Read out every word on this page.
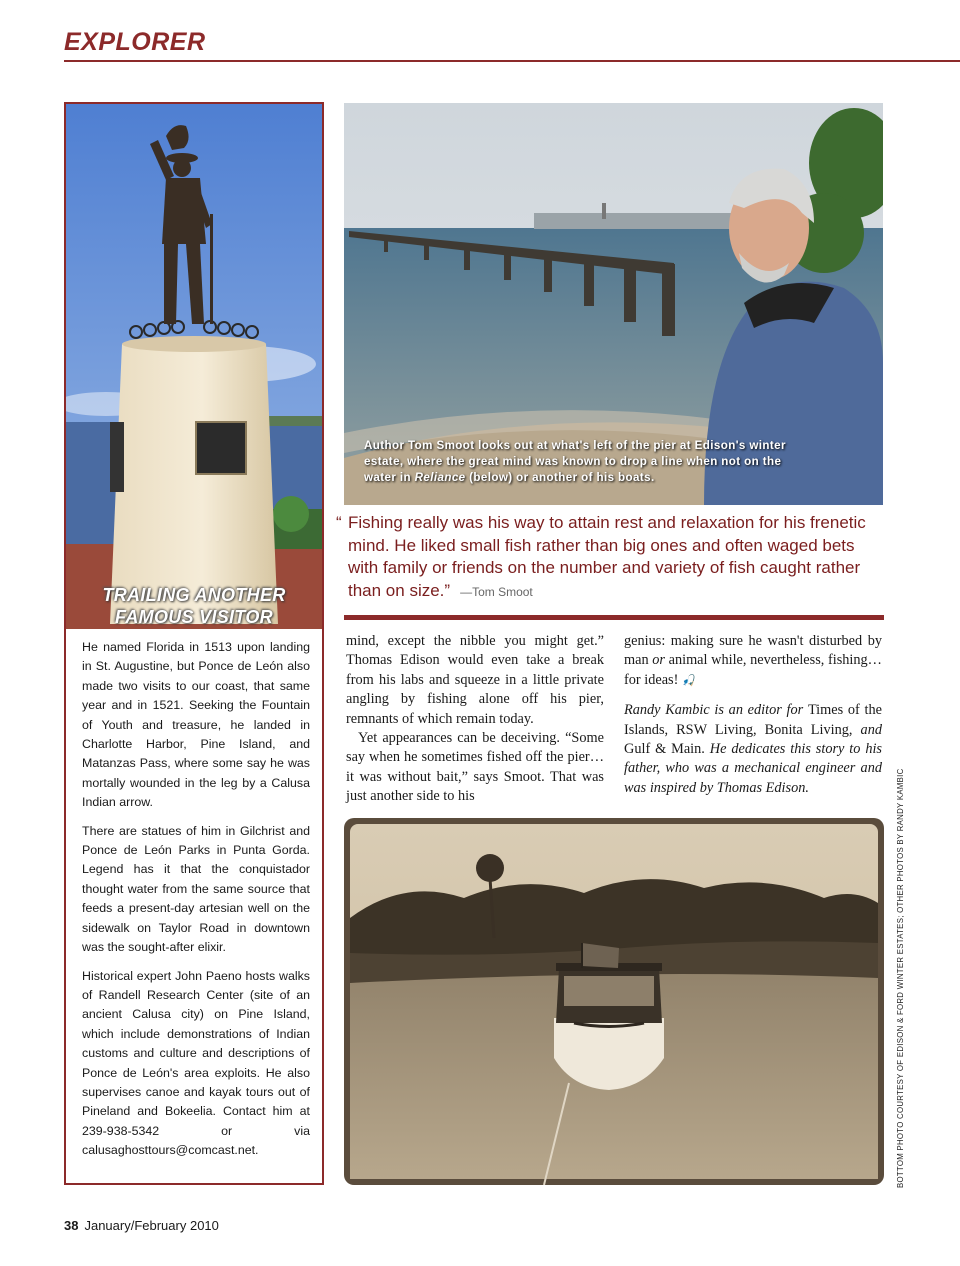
EXPLORER
TRAILING ANOTHER
FAMOUS VISITOR

He named Florida in 1513 upon landing in St. Augustine, but Ponce de León also made two visits to our coast, that same year and in 1521. Seeking the Fountain of Youth and treasure, he landed in Charlotte Harbor, Pine Island, and Matanzas Pass, where some say he was mortally wounded in the leg by a Calusa Indian arrow.

There are statues of him in Gilchrist and Ponce de León Parks in Punta Gorda. Legend has it that the conquistador thought water from the same source that feeds a present-day artesian well on the sidewalk on Taylor Road in downtown was the sought-after elixir.

Historical expert John Paeno hosts walks of Randell Research Center (site of an ancient Calusa city) on Pine Island, which include demonstrations of Indian customs and culture and descriptions of Ponce de León's area exploits. He also supervises canoe and kayak tours out of Pineland and Bokeelia. Contact him at 239-938-5342 or via calusaghosttours@comcast.net.

Author Tom Smoot looks out at what's left of the pier at Edison's winter estate, where the great mind was known to drop a line when not on the water in Reliance (below) or another of his boats.
“ Fishing really was his way to attain rest and relaxation for his frenetic mind. He liked small fish rather than big ones and often waged bets with family or friends on the number and variety of fish caught rather than on size.” —Tom Smoot

mind, except the nibble you might get.” Thomas Edison would even take a break from his labs and squeeze in a little private angling by fishing alone off his pier, remnants of which remain today.

Yet appearances can be deceiving. “Some say when he sometimes fished off the pier…it was without bait,” says Smoot. That was just another side to his

genius: making sure he wasn't disturbed by man or animal while, nevertheless, fishing…for ideas! 🎣

Randy Kambic is an editor for Times of the Islands, RSW Living, Bonita Living, and Gulf & Main. He dedicates this story to his father, who was a mechanical engineer and was inspired by Thomas Edison.	BOTTOM PHOTO COURTESY OF EDISON & FORD WINTER ESTATES; OTHER PHOTOS BY RANDY KAMBIC
38 January/February 2010
